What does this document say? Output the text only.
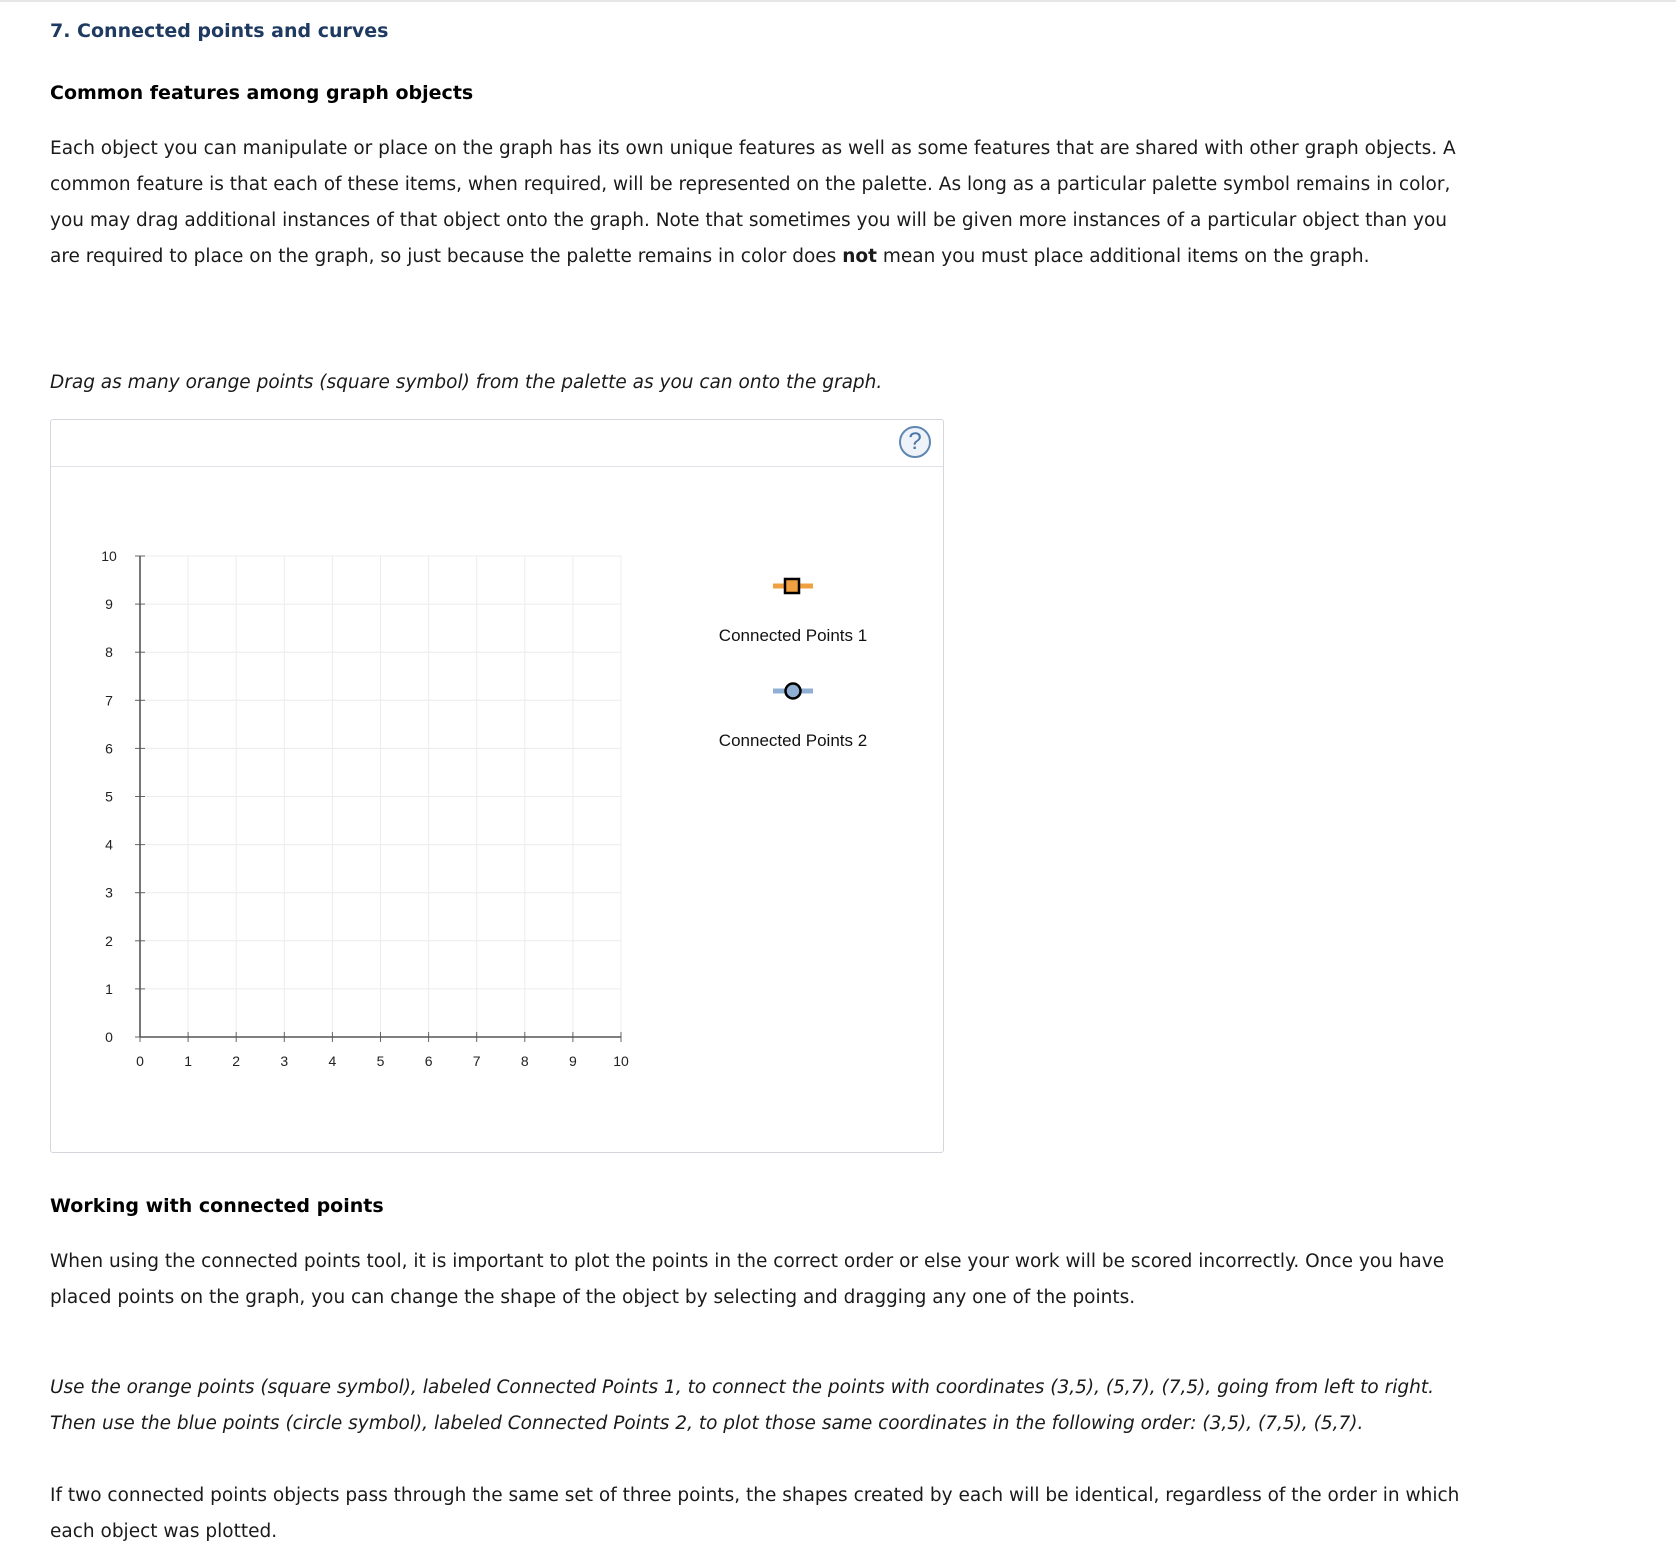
7. Connected points and curves
Common features among graph objects

Each object you can manipulate or place on the graph has its own unique features as well as some features that are shared with other graph objects. A common feature is that each of these items, when required, will be represented on the palette. As long as a particular palette symbol remains in color, you may drag additional instances of that object onto the graph. Note that sometimes you will be given more instances of a particular object than you are required to place on the graph, so just because the palette remains in color does not mean you must place additional items on the graph.

Drag as many orange points (square symbol) from the palette as you can onto the graph.

?
0	1	2	3	4	5	6	7	8	9	10
0
1
2
3
4
5
6
7
8
9
10
Connected Points 1
Connected Points 2
Working with connected points

When using the connected points tool, it is important to plot the points in the correct order or else your work will be scored incorrectly. Once you have placed points on the graph, you can change the shape of the object by selecting and dragging any one of the points.

Use the orange points (square symbol), labeled Connected Points 1, to connect the points with coordinates (3,5), (5,7), (7,5), going from left to right. Then use the blue points (circle symbol), labeled Connected Points 2, to plot those same coordinates in the following order: (3,5), (7,5), (5,7).

If two connected points objects pass through the same set of three points, the shapes created by each will be identical, regardless of the order in which each object was plotted.
